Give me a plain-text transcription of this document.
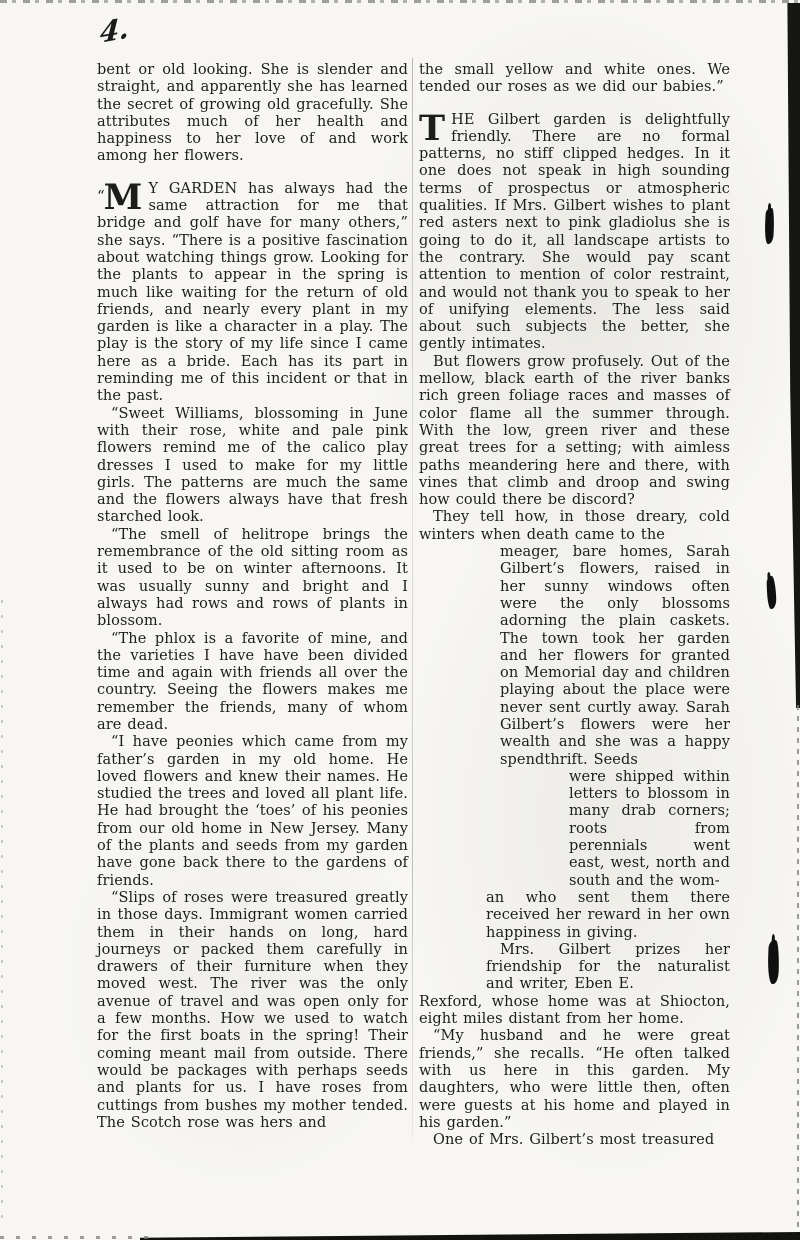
4.

bent or old looking. She is slender and straight, and apparently she has learned the secret of growing old gracefully. She attributes much of her health and happiness to her love of and work among her flowers.

“M Y GARDEN has always had the same attraction for me that bridge and golf have for many others,” she says. “There is a positive fascination about watching things grow. Looking for the plants to appear in the spring is much like waiting for the return of old friends, and nearly every plant in my garden is like a character in a play. The play is the story of my life since I came here as a bride. Each has its part in reminding me of this incident or that in the past.

“Sweet Williams, blossoming in June with their rose, white and pale pink flowers remind me of the calico play dresses I used to make for my little girls. The patterns are much the same and the flowers always have that fresh starched look.

“The smell of helitrope brings the remembrance of the old sitting room as it used to be on winter afternoons. It was usually sunny and bright and I always had rows and rows of plants in blossom.

“The phlox is a favorite of mine, and the varieties I have have been divided time and again with friends all over the country. Seeing the flowers makes me remember the friends, many of whom are dead.

“I have peonies which came from my father’s garden in my old home. He loved flowers and knew their names. He studied the trees and loved all plant life. He had brought the ‘toes’ of his peonies from our old home in New Jersey. Many of the plants and seeds from my garden have gone back there to the gardens of friends.

“Slips of roses were treasured greatly in those days. Immigrant women carried them in their hands on long, hard journeys or packed them carefully in drawers of their furniture when they moved west. The river was the only avenue of travel and was open only for a few months. How we used to watch for the first boats in the spring! Their coming meant mail from outside. There would be packages with perhaps seeds and plants for us. I have roses from cuttings from bushes my mother tended. The Scotch rose was hers and

the small yellow and white ones. We tended our roses as we did our babies.”

THE Gilbert garden is delightfully friendly. There are no formal patterns, no stiff clipped hedges. In it one does not speak in high sounding terms of prospectus or atmospheric qualities. If Mrs. Gilbert wishes to plant red asters next to pink gladiolus she is going to do it, all landscape artists to the contrary. She would pay scant attention to mention of color restraint, and would not thank you to speak to her of unifying elements. The less said about such subjects the better, she gently intimates.

But flowers grow profusely. Out of the mellow, black earth of the river banks rich green foliage races and masses of color flame all the summer through. With the low, green river and these great trees for a setting; with aimless paths meandering here and there, with vines that climb and droop and swing how could there be discord?

They tell how, in those dreary, cold winters when death came to the

meager, bare homes, Sarah Gilbert’s flowers, raised in her sunny windows often were the only blossoms adorning the plain caskets. The town took her garden and her flowers for granted on Memorial day and children playing about the place were never sent curtly away. Sarah Gilbert’s flowers were her wealth and she was a happy spendthrift. Seeds

were shipped within letters to blossom in many drab corners; roots from perennials went east, west, north and south and the wom-

an who sent them there received her reward in her own happiness in giving.

Mrs. Gilbert prizes her friendship for the naturalist and writer, Eben E.

Rexford, whose home was at Shiocton, eight miles distant from her home.

“My husband and he were great friends,” she recalls. “He often talked with us here in this garden. My daughters, who were little then, often were guests at his home and played in his garden.”

One of Mrs. Gilbert’s most treasured
